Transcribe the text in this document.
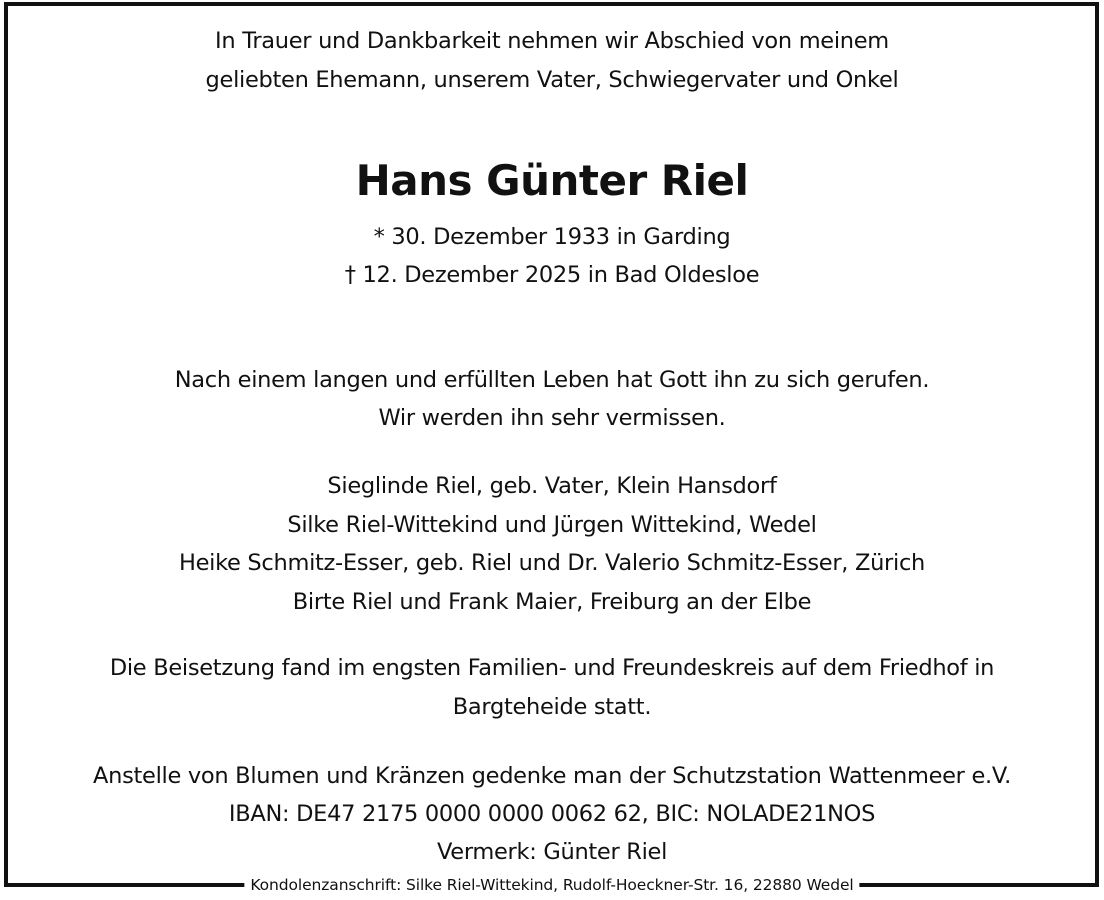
In Trauer und Dankbarkeit nehmen wir Abschied von meinem
geliebten Ehemann, unserem Vater, Schwiegervater und Onkel
Hans Günter Riel
* 30. Dezember 1933 in Garding
† 12. Dezember 2025 in Bad Oldesloe
Nach einem langen und erfüllten Leben hat Gott ihn zu sich gerufen.
Wir werden ihn sehr vermissen.
Sieglinde Riel, geb. Vater, Klein Hansdorf
Silke Riel-Wittekind und Jürgen Wittekind, Wedel
Heike Schmitz-Esser, geb. Riel und Dr. Valerio Schmitz-Esser, Zürich
Birte Riel und Frank Maier, Freiburg an der Elbe
Die Beisetzung fand im engsten Familien- und Freundeskreis auf dem Friedhof in
Bargteheide statt.
Anstelle von Blumen und Kränzen gedenke man der Schutzstation Wattenmeer e.V.
IBAN: DE47 2175 0000 0000 0062 62, BIC: NOLADE21NOS
Vermerk: Günter Riel
Kondolenzanschrift: Silke Riel-Wittekind, Rudolf-Hoeckner-Str. 16, 22880 Wedel
